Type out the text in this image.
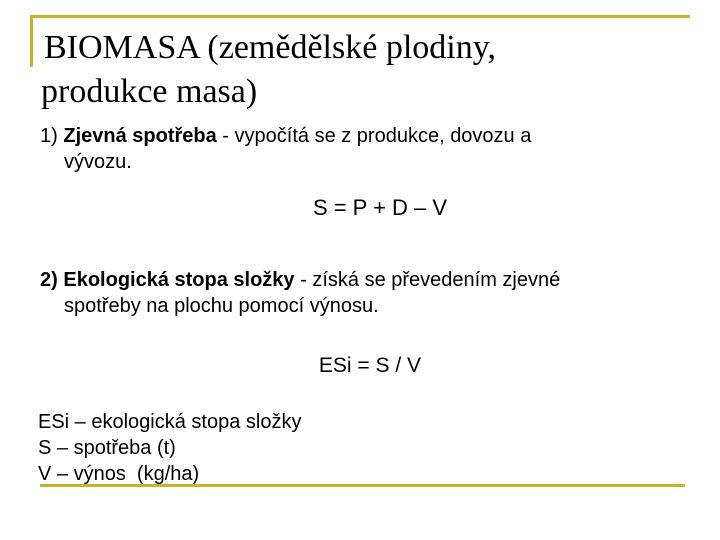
BIOMASA (zemědělské plodiny,
produkce masa)

1) Zjevná spotřeba - vypočítá se z produkce, dovozu a
vývozu.

S = P + D – V

2) Ekologická stopa složky - získá se převedením zjevné
spotřeby na plochu pomocí výnosu.

ESi = S / V

ESi – ekologická stopa složky
S – spotřeba (t)
V – výnos  (kg/ha)
